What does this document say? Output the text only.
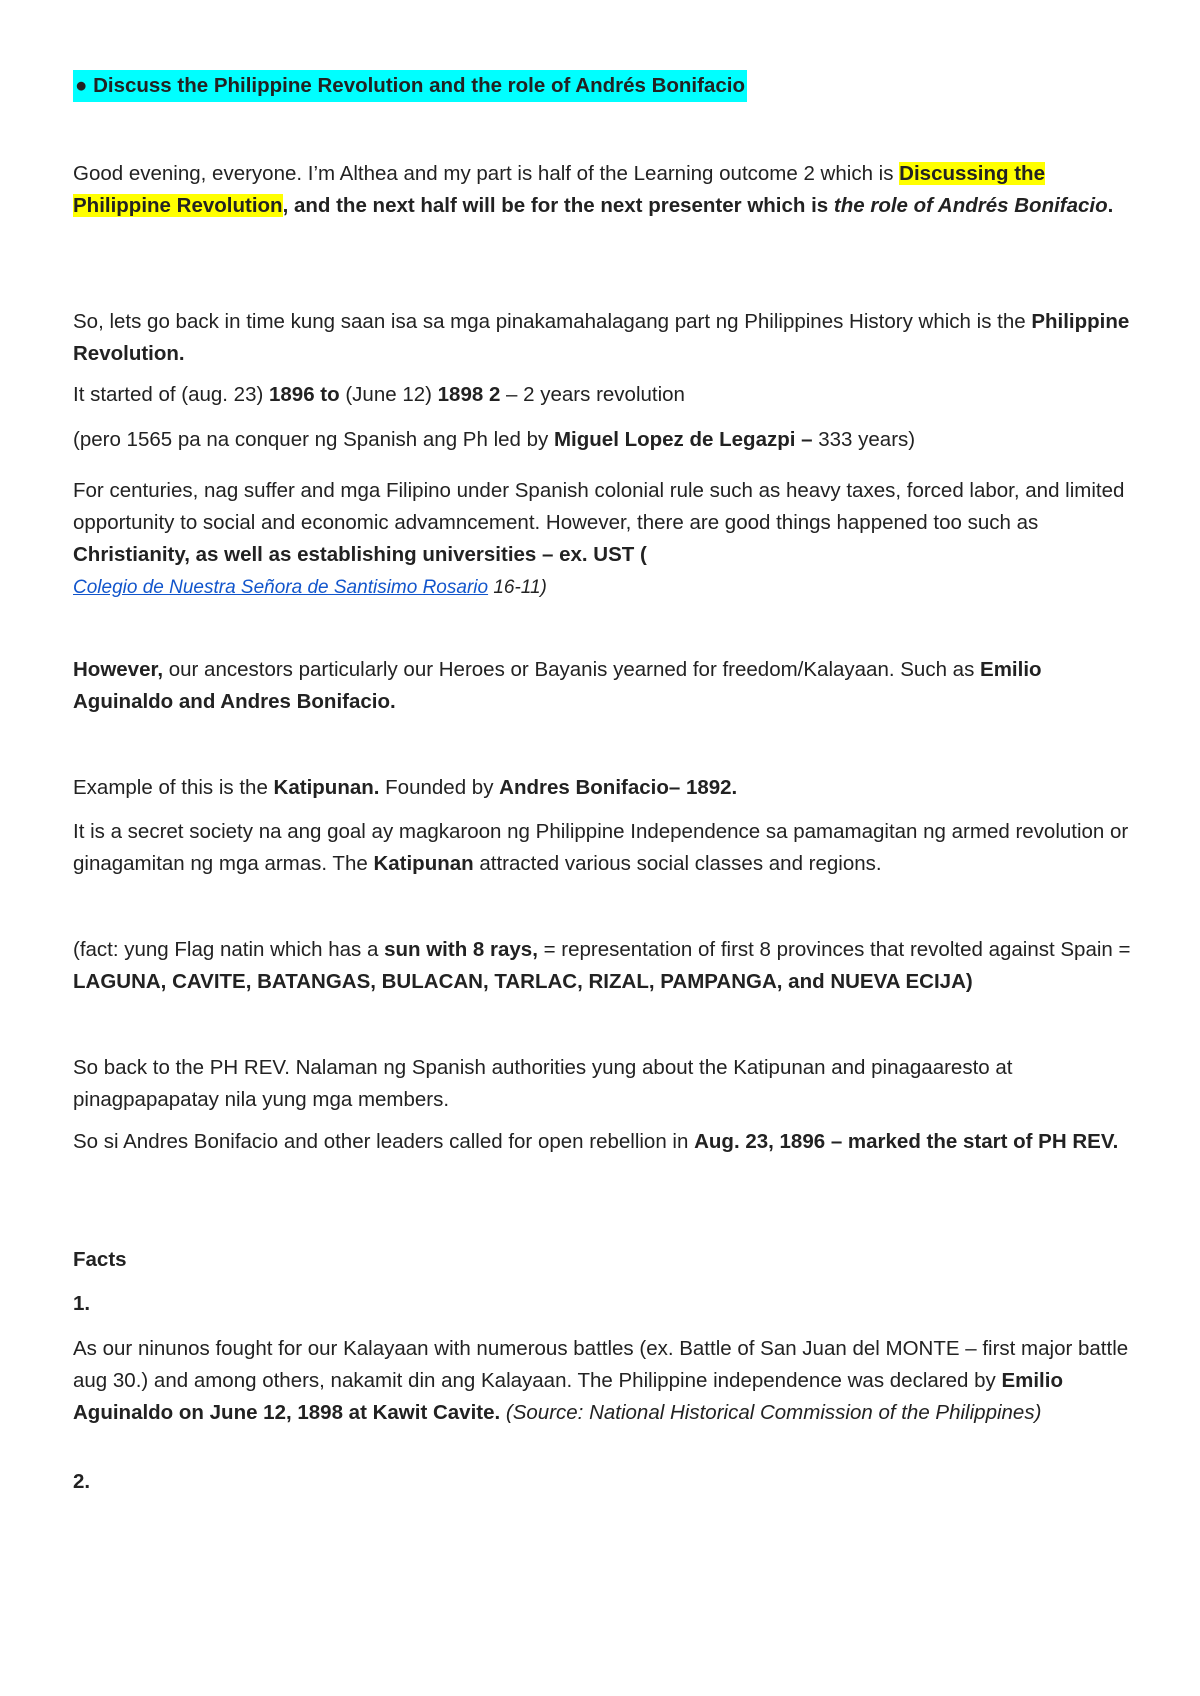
● Discuss the Philippine Revolution and the role of Andrés Bonifacio

Good evening, everyone. I’m Althea and my part is half of the Learning outcome 2 which is Discussing the Philippine Revolution, and the next half will be for the next presenter which is the role of Andrés Bonifacio.

So, lets go back in time kung saan isa sa mga pinakamahalagang part ng Philippines History which is the Philippine Revolution.

It started of (aug. 23) 1896 to (June 12) 1898 2 – 2 years revolution

(pero 1565 pa na conquer ng Spanish ang Ph led by Miguel Lopez de Legazpi – 333 years)

For centuries, nag suffer and mga Filipino under Spanish colonial rule such as heavy taxes, forced labor, and limited opportunity to social and economic advamncement. However, there are good things happened too such as Christianity, as well as establishing universities – ex. UST (
Colegio de Nuestra Señora de Santisimo Rosario 16-11)

However, our ancestors particularly our Heroes or Bayanis yearned for freedom/Kalayaan. Such as Emilio Aguinaldo and Andres Bonifacio.

Example of this is the Katipunan. Founded by Andres Bonifacio– 1892.

It is a secret society na ang goal ay magkaroon ng Philippine Independence sa pamamagitan ng armed revolution or ginagamitan ng mga armas. The Katipunan attracted various social classes and regions.

(fact: yung Flag natin which has a sun with 8 rays, = representation of first 8 provinces that revolted against Spain = LAGUNA, CAVITE, BATANGAS, BULACAN, TARLAC, RIZAL, PAMPANGA, and NUEVA ECIJA)

So back to the PH REV. Nalaman ng Spanish authorities yung about the Katipunan and pinagaaresto at pinagpapapatay nila yung mga members.

So si Andres Bonifacio and other leaders called for open rebellion in Aug. 23, 1896 – marked the start of PH REV.

Facts

1.

As our ninunos fought for our Kalayaan with numerous battles (ex. Battle of San Juan del MONTE – first major battle aug 30.) and among others, nakamit din ang Kalayaan. The Philippine independence was declared by Emilio Aguinaldo on June 12, 1898 at Kawit Cavite. (Source: National Historical Commission of the Philippines)

2.
